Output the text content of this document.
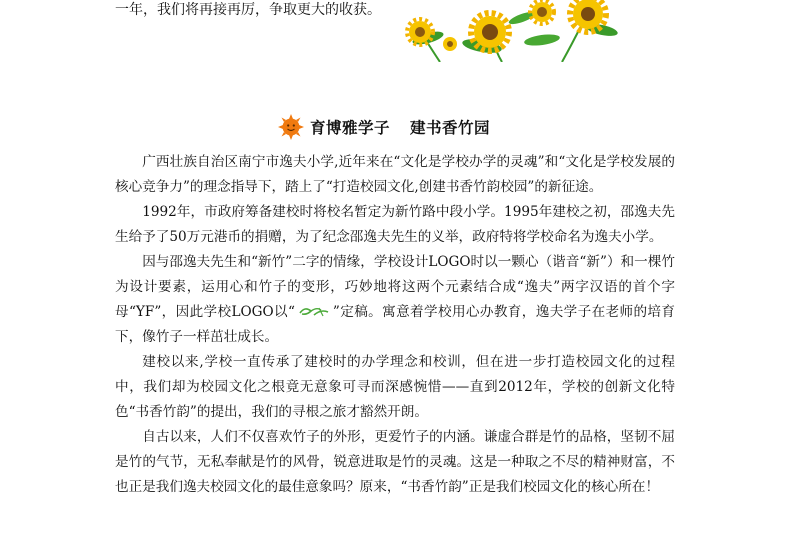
一年，我们将再接再厉，争取更大的收获。
育博雅学子 建书香竹园

广西壮族自治区南宁市逸夫小学,近年来在“文化是学校办学的灵魂”和“文化是学校发展的核心竞争力”的理念指导下，踏上了“打造校园文化,创建书香竹韵校园”的新征途。

1992年，市政府筹备建校时将校名暂定为新竹路中段小学。1995年建校之初，邵逸夫先生给予了50万元港币的捐赠，为了纪念邵逸夫先生的义举，政府特将学校命名为逸夫小学。

因与邵逸夫先生和“新竹”二字的情缘，学校设计LOGO时以一颗心（谐音“新”）和一棵竹为设计要素，运用心和竹子的变形，巧妙地将这两个元素结合成“逸夫”两字汉语的首个字母“YF”，因此学校LOGO以“	”定稿。寓意着学校用心办教育，逸夫学子在老师的培育下，像竹子一样茁壮成长。

建校以来,学校一直传承了建校时的办学理念和校训，但在进一步打造校园文化的过程中，我们却为校园文化之根竟无意象可寻而深感惋惜——直到2012年，学校的创新文化特色“书香竹韵”的提出，我们的寻根之旅才豁然开朗。

自古以来，人们不仅喜欢竹子的外形，更爱竹子的内涵。谦虚合群是竹的品格，坚韧不屈是竹的气节，无私奉献是竹的风骨，锐意进取是竹的灵魂。这是一种取之不尽的精神财富，不也正是我们逸夫校园文化的最佳意象吗？原来，“书香竹韵”正是我们校园文化的核心所在！
